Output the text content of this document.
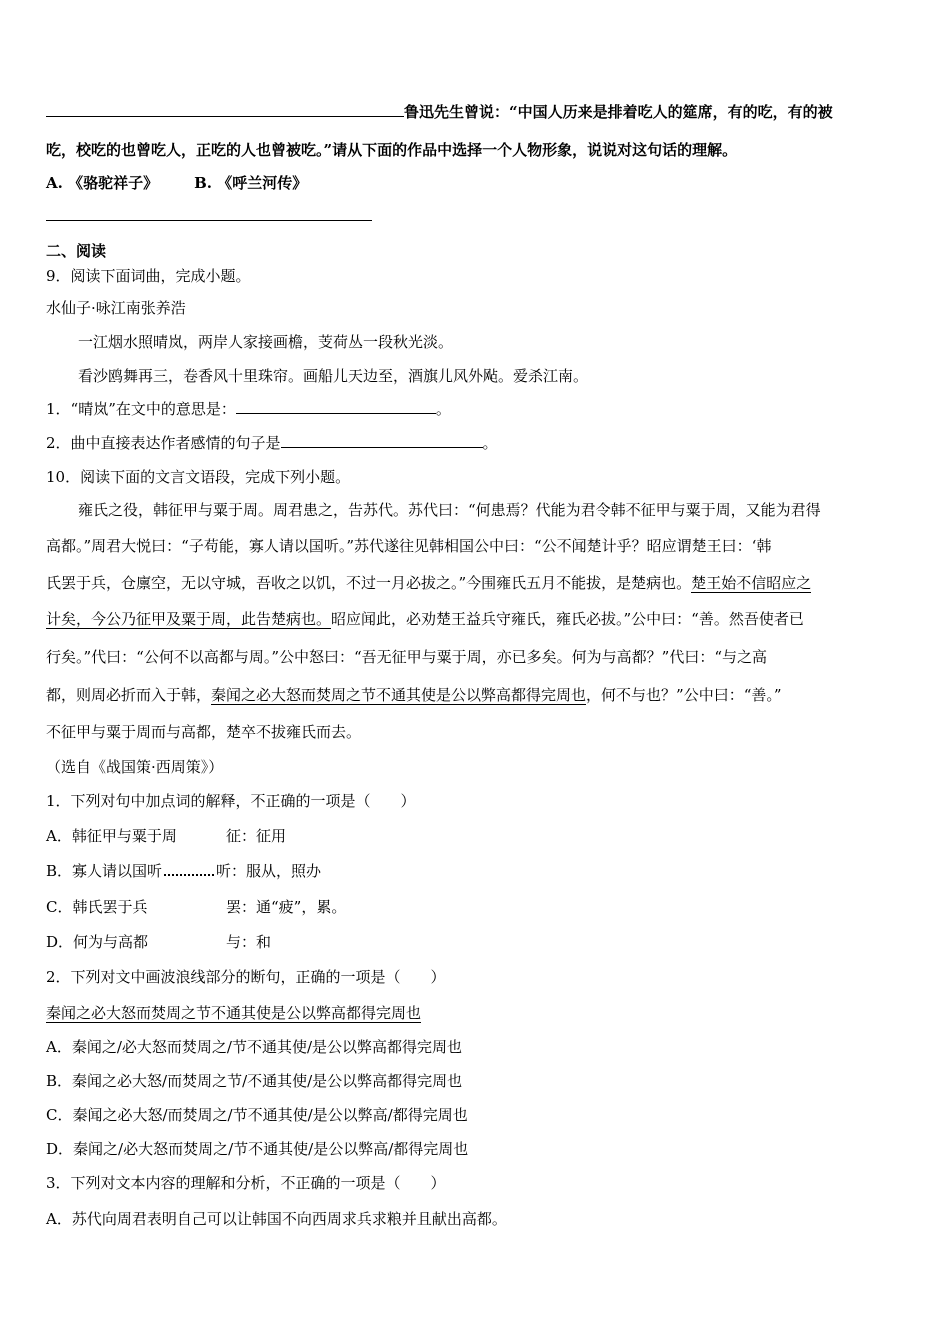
鲁迅先生曾说：“中国人历来是排着吃人的筵席，有的吃，有的被
吃，校吃的也曾吃人，正吃的人也曾被吃。”请从下面的作品中选择一个人物形象，说说对这句话的理解。
A. 《骆驼祥子》 B. 《呼兰河传》
二、阅读
9．阅读下面词曲，完成小题。
水仙子·咏江南张养浩
一江烟水照晴岚，两岸人家接画檐，芰荷丛一段秋光淡。
看沙鸥舞再三，卷香风十里珠帘。画船儿天边至，酒旗儿风外飐。爱杀江南。
1．“晴岚”在文中的意思是：	。
2．曲中直接表达作者感情的句子是	。
10．阅读下面的文言文语段，完成下列小题。
雍氏之役，韩征甲与粟于周。周君患之，告苏代。苏代曰：“何患焉？代能为君令韩不征甲与粟于周，又能为君得
高都。”周君大悦曰：“子苟能，寡人请以国听。”苏代遂往见韩相国公中曰：“公不闻楚计乎？昭应谓楚王曰：‘韩
氏罢于兵，仓廪空，无以守城，吾收之以饥，不过一月必拔之。”今围雍氏五月不能拔，是楚病也。楚王始不信昭应之
计矣，今公乃征甲及粟于周，此告楚病也。昭应闻此，必劝楚王益兵守雍氏，雍氏必拔。”公中曰：“善。然吾使者已
行矣。”代曰：“公何不以高都与周。”公中怒曰：“吾无征甲与粟于周，亦已多矣。何为与高都？”代曰：“与之高
都，则周必折而入于韩，秦闻之必大怒而焚周之节不通其使是公以弊高都得完周也，何不与也？”公中曰：“善。”
不征甲与粟于周而与高都，楚卒不拔雍氏而去。
（选自《战国策·西周策》）
1．下列对句中加点词的解释，不正确的一项是（　　）
A．韩征甲与粟于周	征：征用
B．寡人请以国听	听：服从，照办
C．韩氏罢于兵	罢：通“疲”，累。
D．何为与高都	与：和
2．下列对文中画波浪线部分的断句，正确的一项是（　　）
秦闻之必大怒而焚周之节不通其使是公以弊高都得完周也
A．秦闻之/必大怒而焚周之/节不通其使/是公以弊高都得完周也
B．秦闻之必大怒/而焚周之节/不通其使/是公以弊高都得完周也
C．秦闻之必大怒/而焚周之/节不通其使/是公以弊高/都得完周也
D．秦闻之/必大怒而焚周之/节不通其使/是公以弊高/都得完周也
3．下列对文本内容的理解和分析，不正确的一项是（　　）
A．苏代向周君表明自己可以让韩国不向西周求兵求粮并且献出高都。
